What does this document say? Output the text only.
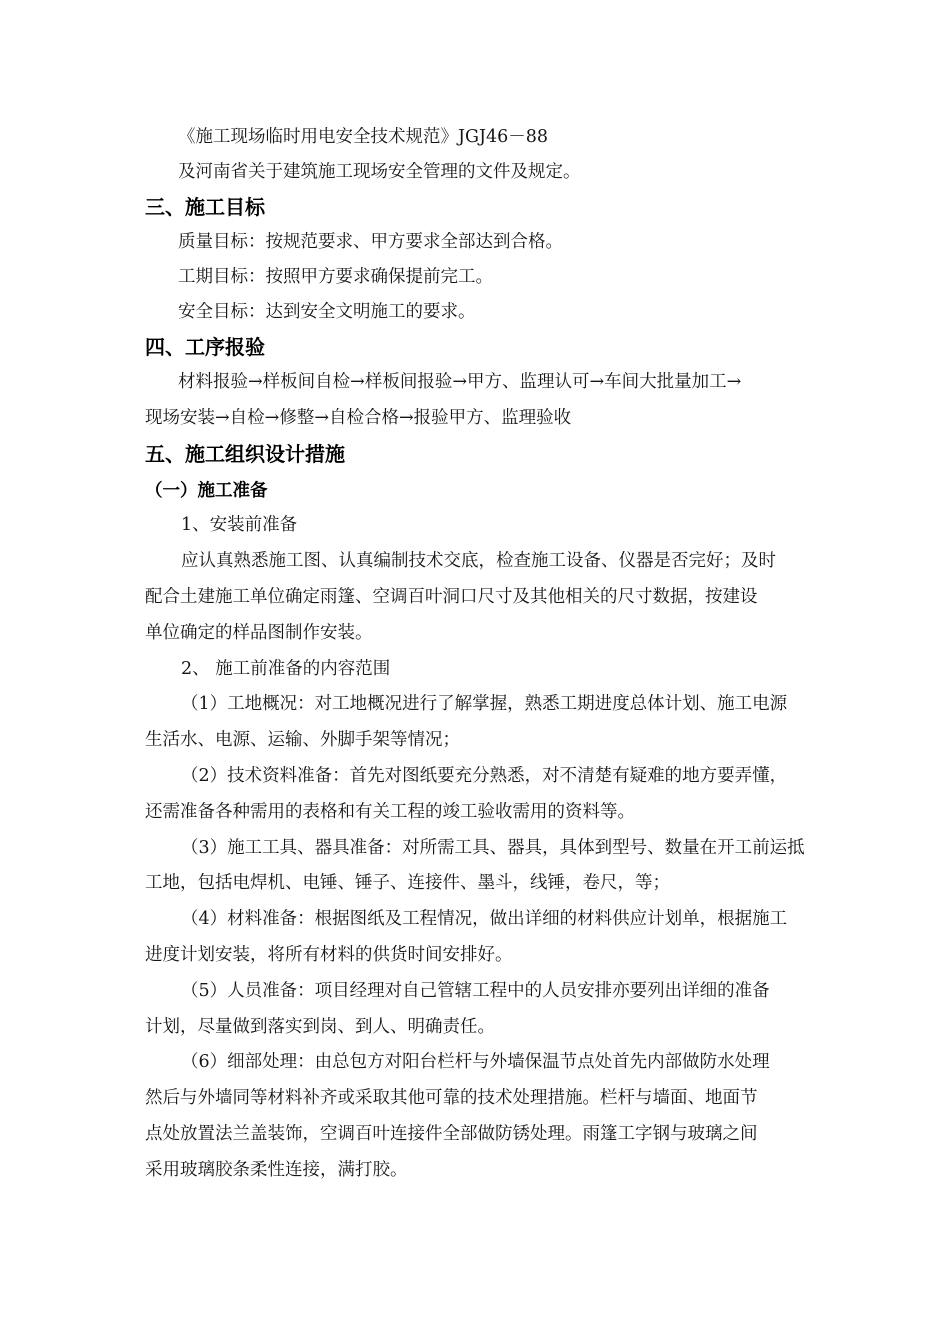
《施工现场临时用电安全技术规范》JGJ46－88
及河南省关于建筑施工现场安全管理的文件及规定。
三、施工目标
质量目标：按规范要求、甲方要求全部达到合格。
工期目标：按照甲方要求确保提前完工。
安全目标：达到安全文明施工的要求。
四、工序报验
材料报验→样板间自检→样板间报验→甲方、监理认可→车间大批量加工→
现场安装→自检→修整→自检合格→报验甲方、监理验收
五、施工组织设计措施
（一）施工准备
1、安装前准备
应认真熟悉施工图、认真编制技术交底，检查施工设备、仪器是否完好；及时
配合土建施工单位确定雨篷、空调百叶洞口尺寸及其他相关的尺寸数据，按建设
单位确定的样品图制作安装。
2、 施工前准备的内容范围
（1）工地概况：对工地概况进行了解掌握，熟悉工期进度总体计划、施工电源
生活水、电源、运输、外脚手架等情况；
（2）技术资料准备：首先对图纸要充分熟悉，对不清楚有疑难的地方要弄懂，
还需准备各种需用的表格和有关工程的竣工验收需用的资料等。
（3）施工工具、器具准备：对所需工具、器具，具体到型号、数量在开工前运抵
工地，包括电焊机、电锤、锤子、连接件、墨斗，线锤，卷尺，等；
（4）材料准备：根据图纸及工程情况，做出详细的材料供应计划单，根据施工
进度计划安装，将所有材料的供货时间安排好。
（5）人员准备：项目经理对自己管辖工程中的人员安排亦要列出详细的准备
计划，尽量做到落实到岗、到人、明确责任。
（6）细部处理：由总包方对阳台栏杆与外墙保温节点处首先内部做防水处理
然后与外墙同等材料补齐或采取其他可靠的技术处理措施。栏杆与墙面、地面节
点处放置法兰盖装饰，空调百叶连接件全部做防锈处理。雨篷工字钢与玻璃之间
采用玻璃胶条柔性连接，满打胶。
